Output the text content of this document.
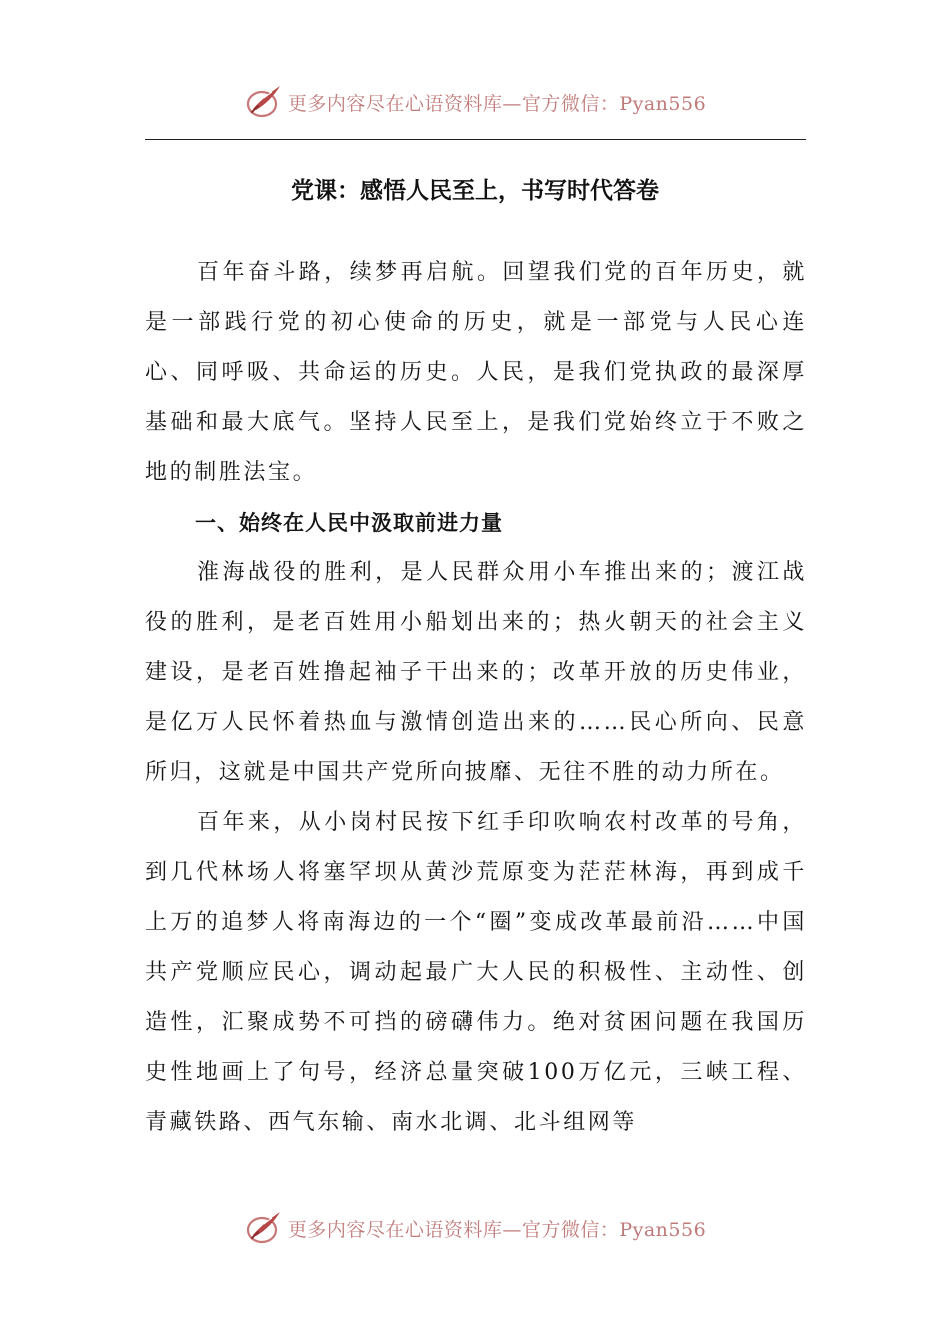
更多内容尽在心语资料库—官方微信：Pyan556
党课：感悟人民至上，书写时代答卷

百年奋斗路，续梦再启航。回望我们党的百年历史，就是一部践行党的初心使命的历史，就是一部党与人民心连心、同呼吸、共命运的历史。人民，是我们党执政的最深厚基础和最大底气。坚持人民至上，是我们党始终立于不败之地的制胜法宝。

一、始终在人民中汲取前进力量

淮海战役的胜利，是人民群众用小车推出来的；渡江战役的胜利，是老百姓用小船划出来的；热火朝天的社会主义建设，是老百姓撸起袖子干出来的；改革开放的历史伟业，是亿万人民怀着热血与激情创造出来的……民心所向、民意所归，这就是中国共产党所向披靡、无往不胜的动力所在。

百年来，从小岗村民按下红手印吹响农村改革的号角，到几代林场人将塞罕坝从黄沙荒原变为茫茫林海，再到成千上万的追梦人将南海边的一个“圈”变成改革最前沿……中国共产党顺应民心，调动起最广大人民的积极性、主动性、创造性，汇聚成势不可挡的磅礴伟力。绝对贫困问题在我国历史性地画上了句号，经济总量突破100万亿元，三峡工程、青藏铁路、西气东输、南水北调、北斗组网等

更多内容尽在心语资料库—官方微信：Pyan556
